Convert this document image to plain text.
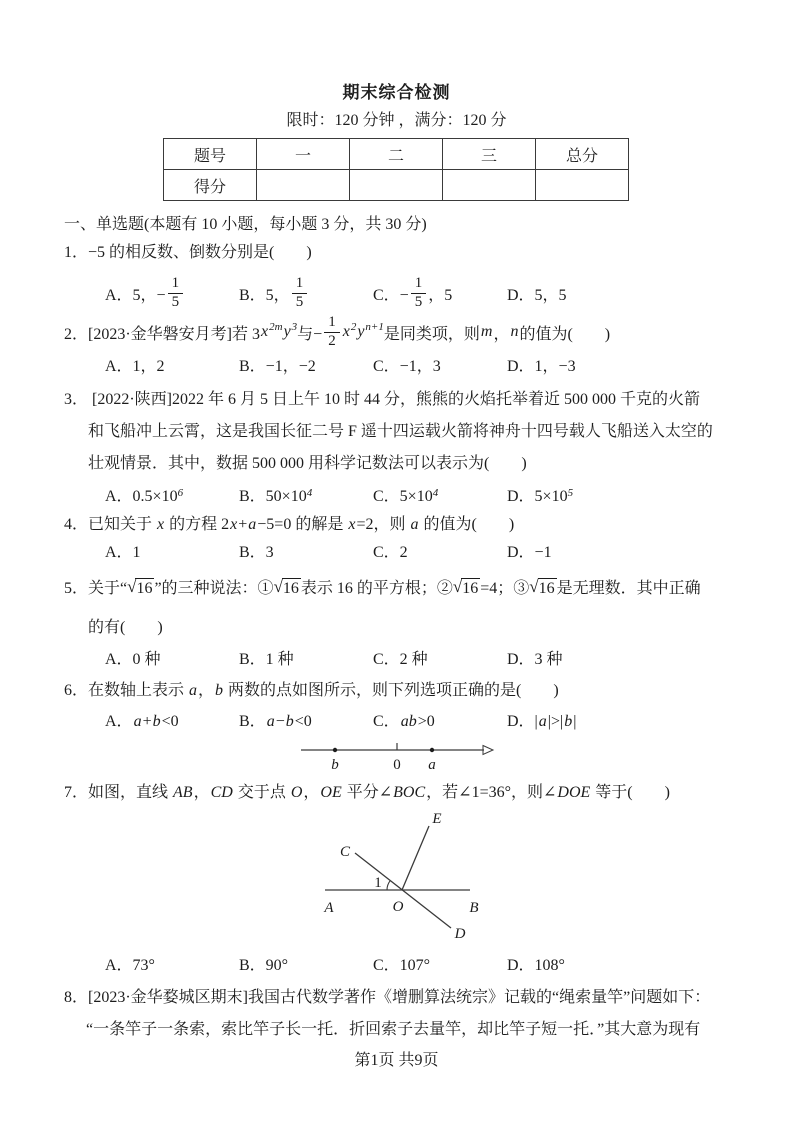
期末综合检测
限时：120 分钟 ，满分：120 分
题号	一	二	三	总分
得分				
一、单选题(本题有 10 小题，每小题 3 分，共 30 分)
1．−5 的相反数、倒数分别是(　　)
A．5，− $\frac{1}{5}$	B．5， $\frac{1}{5}$	C．− $\frac{1}{5}$ ，5	D．5，5
2．[2023·金华磐安月考]若 3 x 2m y 3 与− $\frac{1}{2}$ x 2 y n+1 是同类项，则 m ， n 的值为(　　)
A．1，2	B．−1，−2	C．−1，3	D．1，−3
3． [2022·陕西]2022 年 6 月 5 日上午 10 时 44 分，熊熊的火焰托举着近 500 000 千克的火箭
和飞船冲上云霄，这是我国长征二号 F 遥十四运载火箭将神舟十四号载人飞船送入太空的
壮观情景．其中，数据 500 000 用科学记数法可以表示为(　　)
A．$0.5\times 10^6$	B．$50\times 10^4$	C．$5\times 10^4$	D．$5\times 10^5$
4．已知关于 x 的方程 2x+a−5=0 的解是 x=2，则 a 的值为(　　)
A．1	B．3	C．2	D．−1
5．关于“√16 ”的三种说法：①√16 表示 16 的平方根；②√16 =4；③√16 是无理数．其中正确
的有(　　)
A．0 种	B．1 种	C．2 种	D．3 种
6．在数轴上表示 a，b 两数的点如图所示，则下列选项正确的是(　　)
A．a+b<0	B．a−b<0	C．ab>0	D．|a|>|b|
b	0 a
7．如图，直线 AB，CD 交于点 O，OE 平分∠BOC，若∠1=36°，则∠DOE 等于(　　)
A	B
C
D
E
O
1
A．73°	B．90°	C．107°	D．108°
8．[2023·金华婺城区期末]我国古代数学著作《增删算法统宗》记载的“绳索量竿”问题如下：
“一条竿子一条索，索比竿子长一托．折回索子去量竿，却比竿子短一托．”其大意为现有
第1页 共9页
